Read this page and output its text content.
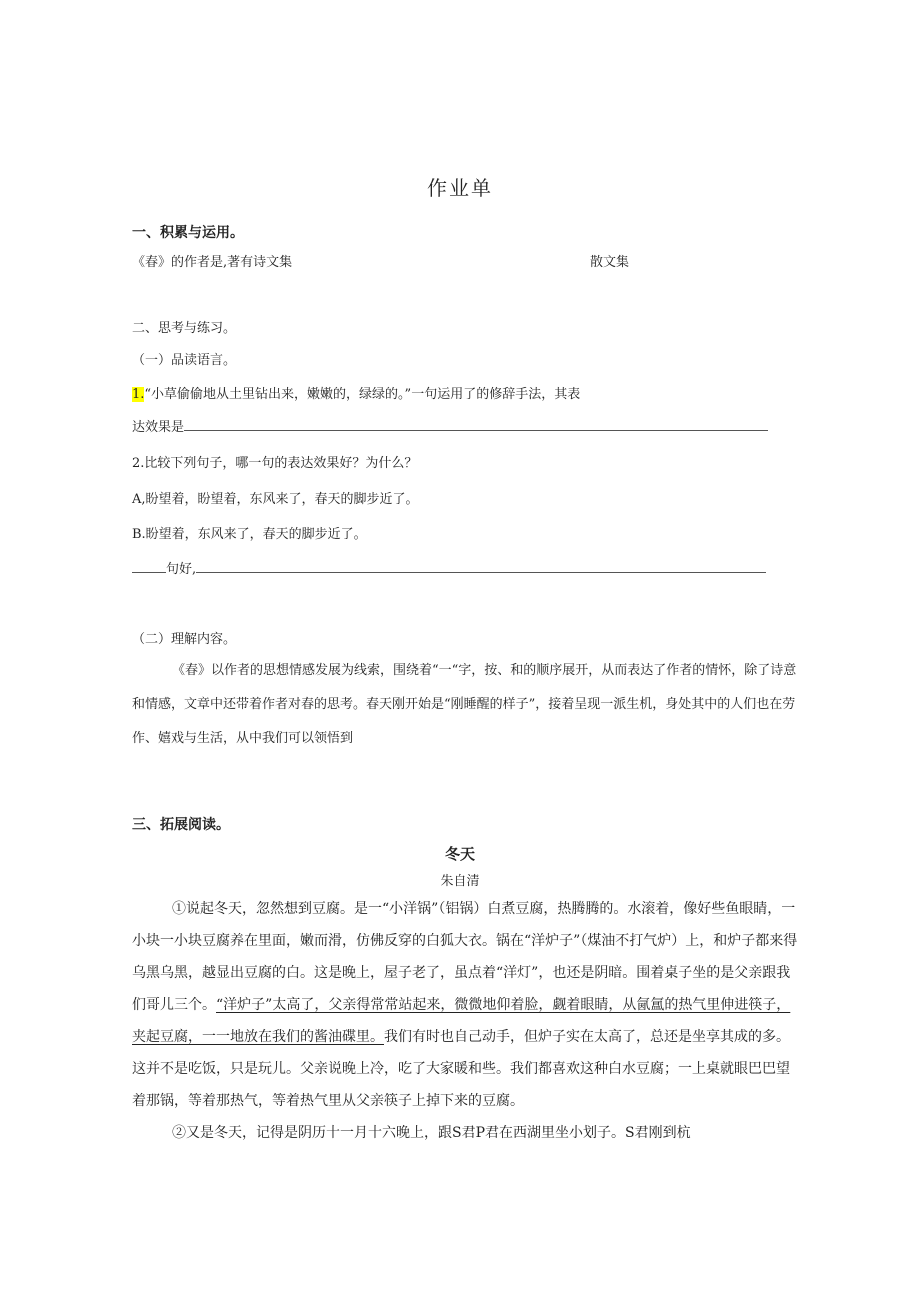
作业单
一、积累与运用。
《春》的作者是,著有诗文集	散文集
二、思考与练习。
（一）品读语言。
1.“小草偷偷地从土里钻出来，嫩嫩的，绿绿的。”一句运用了的修辞手法，其表
达效果是
2.比较下列句子，哪一句的表达效果好？为什么？
A,盼望着，盼望着，东风来了，春天的脚步近了。
B.盼望着，东风来了，春天的脚步近了。
句好,
（二）理解内容。
《春》以作者的思想情感发展为线索，围绕着“一“字，按、和的顺序展开，从而表达了作者的情怀，除了诗意和情感，文章中还带着作者对春的思考。春天刚开始是“刚睡醒的样子”，接着呈现一派生机，身处其中的人们也在劳作、嬉戏与生活，从中我们可以领悟到
三、拓展阅读。
冬天
朱自清

①说起冬天，忽然想到豆腐。是一“小洋锅”（铝锅）白煮豆腐，热腾腾的。水滚着，像好些鱼眼睛，一小块一小块豆腐养在里面，嫩而滑，仿佛反穿的白狐大衣。锅在“洋炉子”（煤油不打气炉）上，和炉子都来得乌黑乌黑，越显出豆腐的白。这是晚上，屋子老了，虽点着“洋灯”，也还是阴暗。围着桌子坐的是父亲跟我们哥儿三个。“洋炉子”太高了，父亲得常常站起来，微微地仰着脸，觑着眼睛，从氤氲的热气里伸进筷子，夹起豆腐，一一地放在我们的酱油碟里。我们有时也自己动手，但炉子实在太高了，总还是坐享其成的多。这并不是吃饭，只是玩儿。父亲说晚上冷，吃了大家暖和些。我们都喜欢这种白水豆腐；一上桌就眼巴巴望着那锅，等着那热气，等着热气里从父亲筷子上掉下来的豆腐。

②又是冬天，记得是阴历十一月十六晚上，跟S君P君在西湖里坐小划子。S君刚到杭
